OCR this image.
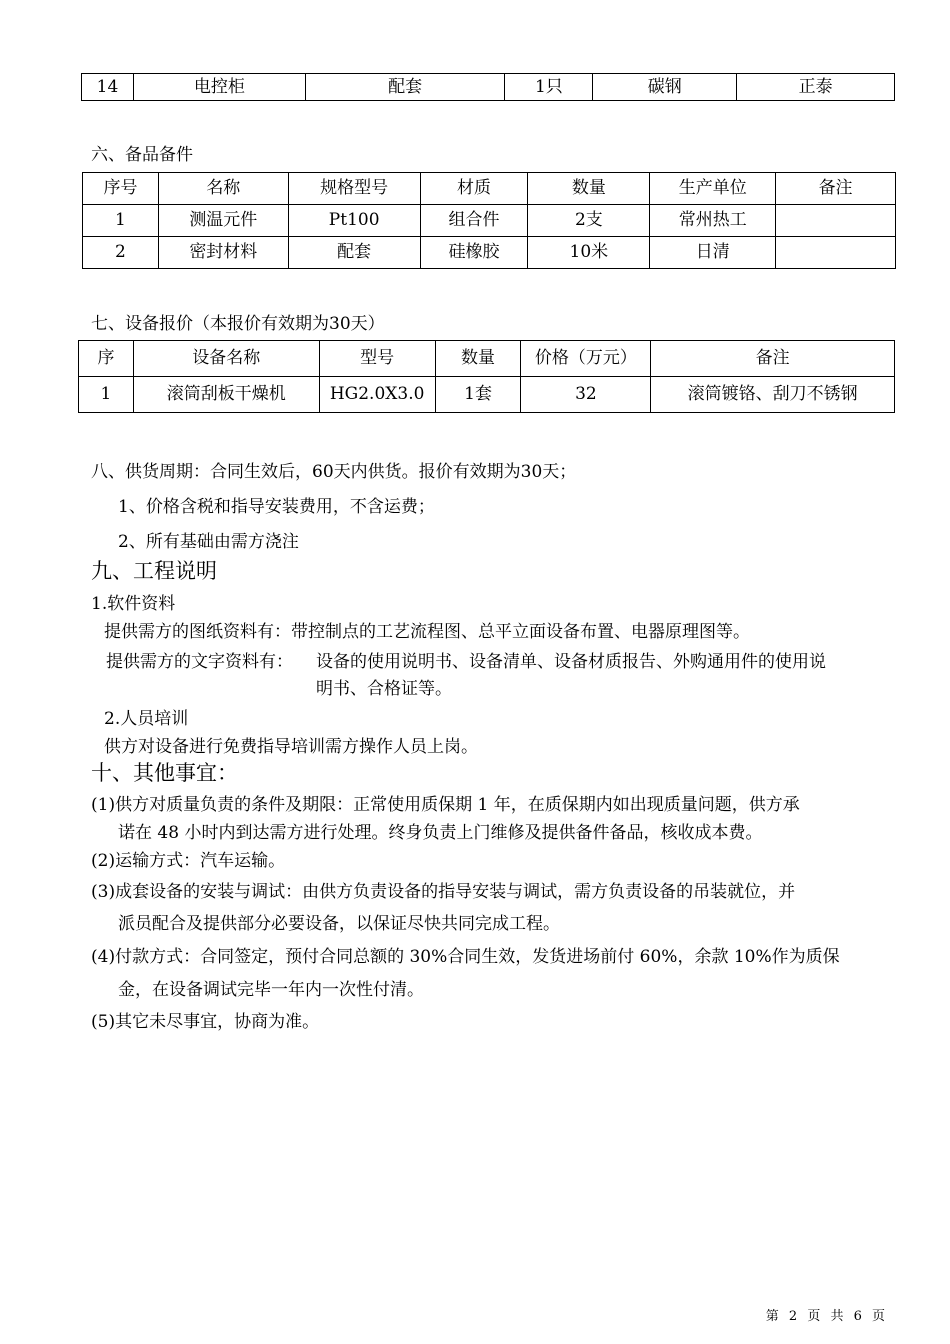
14	电控柜	配套	1只	碳钢	正泰
六、备品备件
序号	名称	规格型号	材质	数量	生产单位	备注
1	测温元件	Pt100	组合件	2支	常州热工	
2	密封材料	配套	硅橡胶	10米	日清	
七、设备报价（本报价有效期为30天）
序	设备名称	型号	数量	价格（万元）	备注
1	滚筒刮板干燥机	HG2.0X3.0	1套	32	滚筒镀铬、刮刀不锈钢
八、供货周期：合同生效后，60天内供货。报价有效期为30天；
1、价格含税和指导安装费用，不含运费；
2、所有基础由需方浇注
九、工程说明
1.软件资料
提供需方的图纸资料有：带控制点的工艺流程图、总平立面设备布置、电器原理图等。
提供需方的文字资料有： 设备的使用说明书、设备清单、设备材质报告、外购通用件的使用说
明书、合格证等。
2.人员培训
供方对设备进行免费指导培训需方操作人员上岗。
十、其他事宜：
(1)供方对质量负责的条件及期限：正常使用质保期 1 年，在质保期内如出现质量问题，供方承
诺在 48 小时内到达需方进行处理。终身负责上门维修及提供备件备品，核收成本费。
(2)运输方式：汽车运输。
(3)成套设备的安装与调试：由供方负责设备的指导安装与调试，需方负责设备的吊装就位，并
派员配合及提供部分必要设备，以保证尽快共同完成工程。
(4)付款方式：合同签定，预付合同总额的 30%合同生效，发货进场前付 60%，余款 10%作为质保
金，在设备调试完毕一年内一次性付清。
(5)其它未尽事宜，协商为准。
第 2 页 共 6 页
